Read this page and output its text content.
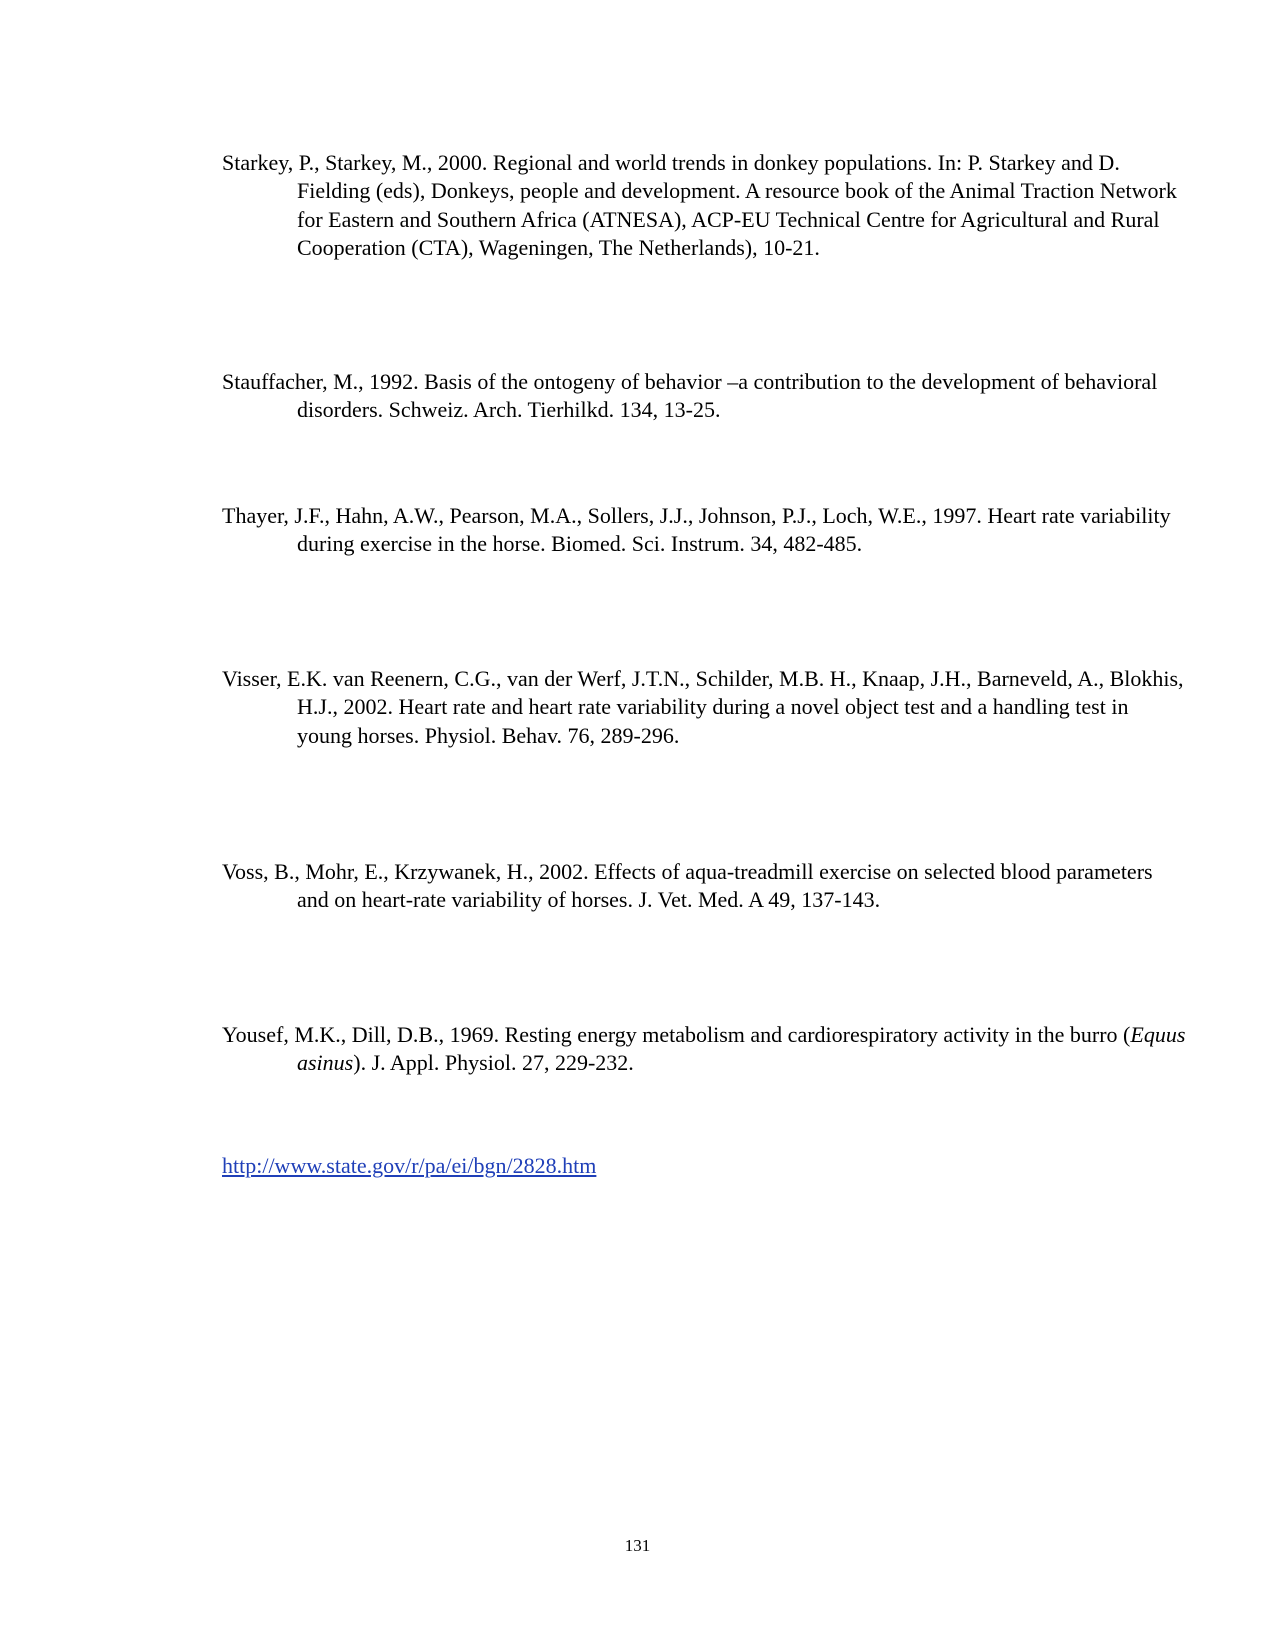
Starkey, P., Starkey, M., 2000. Regional and world trends in donkey populations. In: P. Starkey and D. Fielding (eds), Donkeys, people and development. A resource book of the Animal Traction Network for Eastern and Southern Africa (ATNESA), ACP-EU Technical Centre for Agricultural and Rural Cooperation (CTA), Wageningen, The Netherlands), 10-21.

Stauffacher, M., 1992. Basis of the ontogeny of behavior –a contribution to the development of behavioral disorders. Schweiz. Arch. Tierhilkd. 134, 13-25.

Thayer, J.F., Hahn, A.W., Pearson, M.A., Sollers, J.J., Johnson, P.J., Loch, W.E., 1997. Heart rate variability during exercise in the horse. Biomed. Sci. Instrum. 34, 482-485.

Visser, E.K. van Reenern, C.G., van der Werf, J.T.N., Schilder, M.B. H., Knaap, J.H., Barneveld, A., Blokhis, H.J., 2002. Heart rate and heart rate variability during a novel object test and a handling test in young horses. Physiol. Behav. 76, 289-296.

Voss, B., Mohr, E., Krzywanek, H., 2002. Effects of aqua-treadmill exercise on selected blood parameters and on heart-rate variability of horses. J. Vet. Med. A 49, 137-143.

Yousef, M.K., Dill, D.B., 1969. Resting energy metabolism and cardiorespiratory activity in the burro (Equus asinus). J. Appl. Physiol. 27, 229-232.

http://www.state.gov/r/pa/ei/bgn/2828.htm
131
